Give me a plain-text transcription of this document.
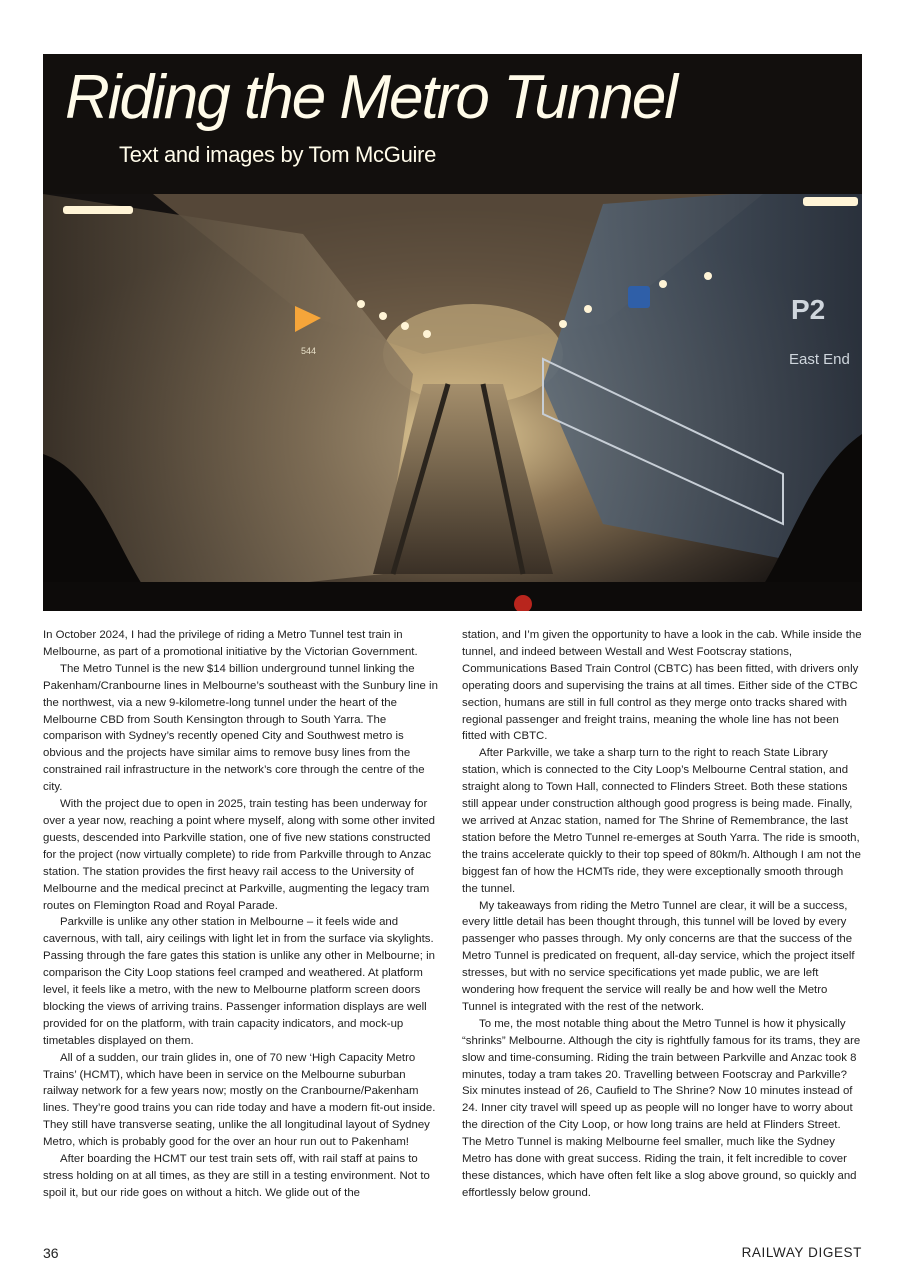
P2
East End
544
Riding the Metro Tunnel

Text and images by Tom McGuire

In October 2024, I had the privilege of riding a Metro Tunnel test train in Melbourne, as part of a promotional initiative by the Victorian Government.

The Metro Tunnel is the new $14 billion underground tunnel linking the Pakenham/Cranbourne lines in Melbourne’s southeast with the Sunbury line in the northwest, via a new 9-kilometre-long tunnel under the heart of the Melbourne CBD from South Kensington through to South Yarra. The comparison with Sydney’s recently opened City and Southwest metro is obvious and the projects have similar aims to remove busy lines from the constrained rail infrastructure in the network’s core through the centre of the city.

With the project due to open in 2025, train testing has been underway for over a year now, reaching a point where myself, along with some other invited guests, descended into Parkville station, one of five new stations constructed for the project (now virtually complete) to ride from Parkville through to Anzac station. The station provides the first heavy rail access to the University of Melbourne and the medical precinct at Parkville, augmenting the legacy tram routes on Flemington Road and Royal Parade.

Parkville is unlike any other station in Melbourne – it feels wide and cavernous, with tall, airy ceilings with light let in from the surface via skylights. Passing through the fare gates this station is unlike any other in Melbourne; in comparison the City Loop stations feel cramped and weathered. At platform level, it feels like a metro, with the new to Melbourne platform screen doors blocking the views of arriving trains. Passenger information displays are well provided for on the platform, with train capacity indicators, and mock-up timetables displayed on them.

All of a sudden, our train glides in, one of 70 new ‘High Capacity Metro Trains’ (HCMT), which have been in service on the Melbourne suburban railway network for a few years now; mostly on the Cranbourne/Pakenham lines. They’re good trains you can ride today and have a modern fit-out inside. They still have transverse seating, unlike the all longitudinal layout of Sydney Metro, which is probably good for the over an hour run out to Pakenham!

After boarding the HCMT our test train sets off, with rail staff at pains to stress holding on at all times, as they are still in a testing environment. Not to spoil it, but our ride goes on without a hitch. We glide out of the

station, and I’m given the opportunity to have a look in the cab. While inside the tunnel, and indeed between Westall and West Footscray stations, Communications Based Train Control (CBTC) has been fitted, with drivers only operating doors and supervising the trains at all times. Either side of the CTBC section, humans are still in full control as they merge onto tracks shared with regional passenger and freight trains, meaning the whole line has not been fitted with CBTC.

After Parkville, we take a sharp turn to the right to reach State Library station, which is connected to the City Loop’s Melbourne Central station, and straight along to Town Hall, connected to Flinders Street. Both these stations still appear under construction although good progress is being made. Finally, we arrived at Anzac station, named for The Shrine of Remembrance, the last station before the Metro Tunnel re-emerges at South Yarra. The ride is smooth, the trains accelerate quickly to their top speed of 80km/h. Although I am not the biggest fan of how the HCMTs ride, they were exceptionally smooth through the tunnel.

My takeaways from riding the Metro Tunnel are clear, it will be a success, every little detail has been thought through, this tunnel will be loved by every passenger who passes through. My only concerns are that the success of the Metro Tunnel is predicated on frequent, all-day service, which the project itself stresses, but with no service specifications yet made public, we are left wondering how frequent the service will really be and how well the Metro Tunnel is integrated with the rest of the network.

To me, the most notable thing about the Metro Tunnel is how it physically “shrinks” Melbourne. Although the city is rightfully famous for its trams, they are slow and time-consuming. Riding the train between Parkville and Anzac took 8 minutes, today a tram takes 20. Travelling between Footscray and Parkville? Six minutes instead of 26, Caufield to The Shrine? Now 10 minutes instead of 24. Inner city travel will speed up as people will no longer have to worry about the direction of the City Loop, or how long trains are held at Flinders Street. The Metro Tunnel is making Melbourne feel smaller, much like the Sydney Metro has done with great success. Riding the train, it felt incredible to cover these distances, which have often felt like a slog above ground, so quickly and effortlessly below ground.

36	RAILWAY DIGEST
